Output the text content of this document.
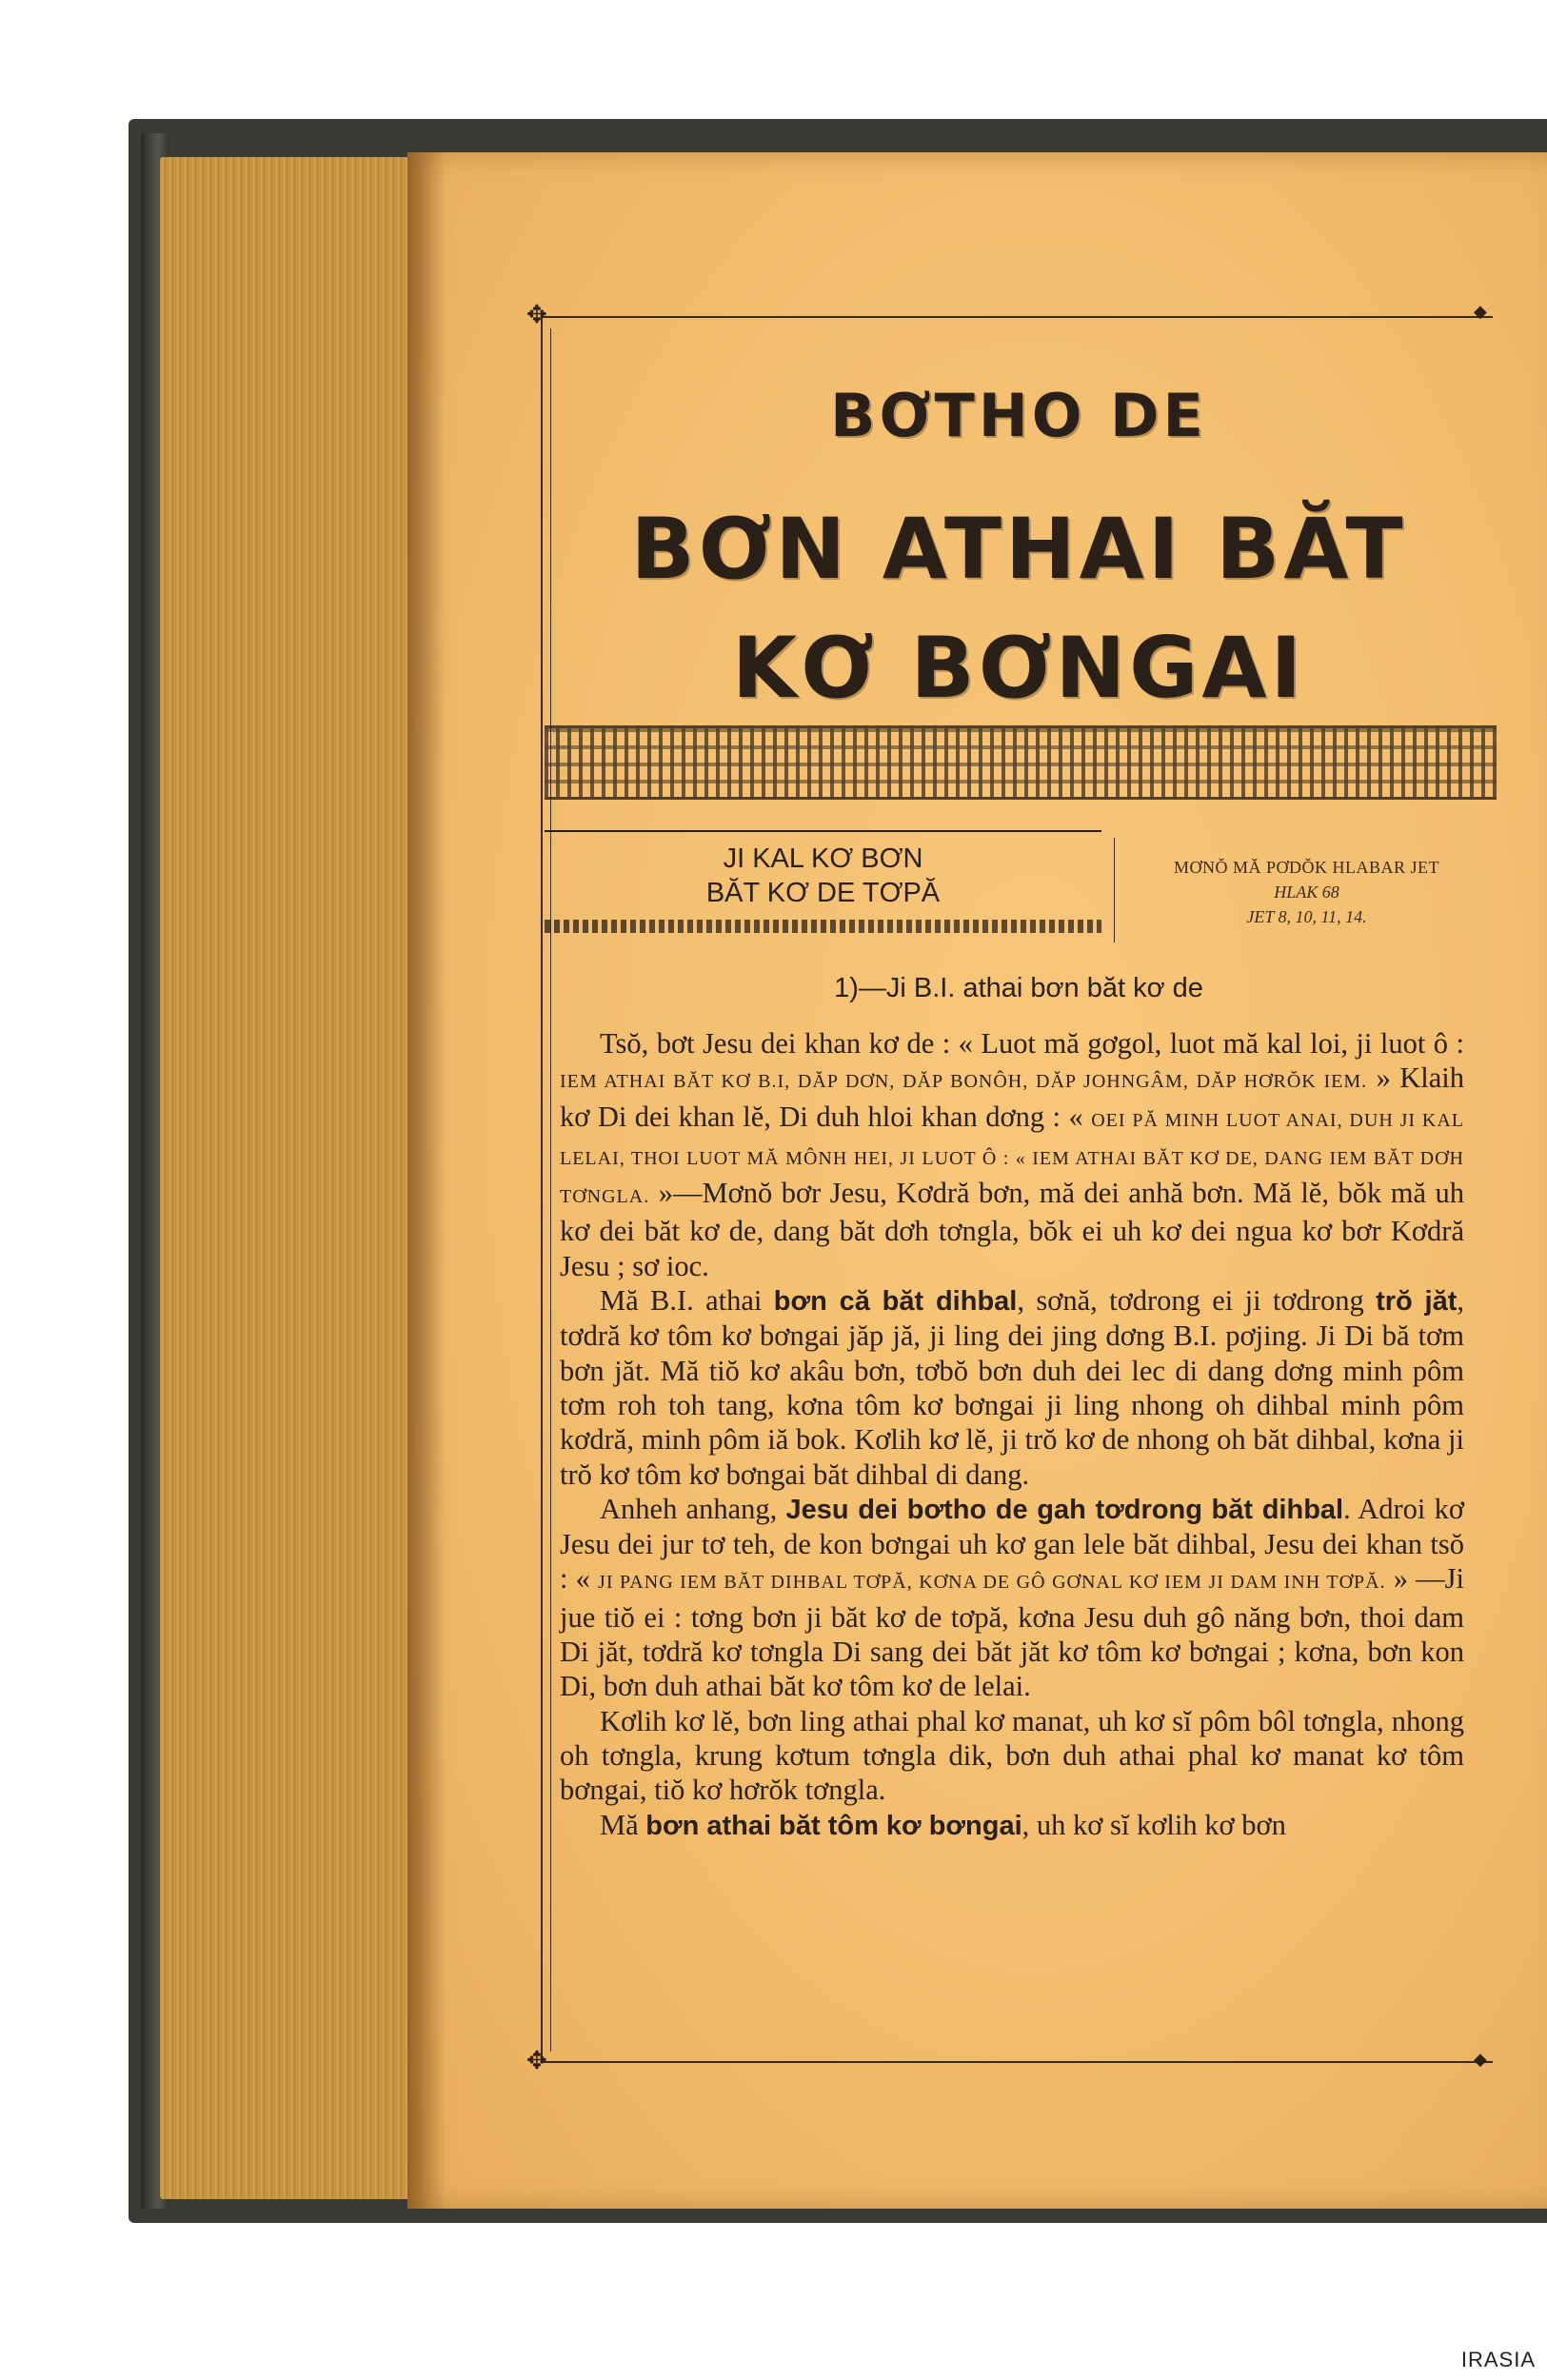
✥
✥
◆
◆
BƠTHO DE
BƠN ATHAI BĂT
KƠ BƠNGAI
JI KAL KƠ BƠN
BĂT KƠ DE TƠPĂ
MƠNŎ MĂ PƠDŎK HLABAR JET
HLAK 68
JET 8, 10, 11, 14.
1)—Ji B.I. athai bơn băt kơ de

Tsŏ, bơt Jesu dei khan kơ de : « Luot mă gơgol, luot mă kal loi, ji luot ô : IEM ATHAI BĂT KƠ B.I, DĂP DƠN, DĂP BONÔH, DĂP JOHNGÂM, DĂP HƠRŎK IEM. » Klaih kơ Di dei khan lĕ, Di duh hloi khan dơng : « OEI PĂ MINH LUOT ANAI, DUH JI KAL LELAI, THOI LUOT MĂ MÔNH HEI, JI LUOT Ô : « IEM ATHAI BĂT KƠ DE, DANG IEM BĂT DƠH TƠNGLA. »—Mơnŏ bơr Jesu, Kơdră bơn, mă dei anhă bơn. Mă lĕ, bŏk mă uh kơ dei băt kơ de, dang băt dơh tơngla, bŏk ei uh kơ dei ngua kơ bơr Kơdră Jesu ; sơ ioc.

Mă B.I. athai bơn că băt dihbal, sơnă, tơdrong ei ji tơdrong trŏ jăt, tơdră kơ tôm kơ bơngai jăp jă, ji ling dei jing dơng B.I. pơjing. Ji Di bă tơm bơn jăt. Mă tiŏ kơ akâu bơn, tơbŏ bơn duh dei lec di dang dơng minh pôm tơm roh toh tang, kơna tôm kơ bơngai ji ling nhong oh dihbal minh pôm kơdră, minh pôm iă bok. Kơlih kơ lĕ, ji trŏ kơ de nhong oh băt dihbal, kơna ji trŏ kơ tôm kơ bơngai băt dihbal di dang.

Anheh anhang, Jesu dei bơtho de gah tơdrong băt dihbal. Adroi kơ Jesu dei jur tơ teh, de kon bơngai uh kơ gan lele băt dihbal, Jesu dei khan tsŏ : « JI PANG IEM BĂT DIHBAL TƠPĂ, KƠNA DE GÔ GƠNAL KƠ IEM JI DAM INH TƠPĂ. » —Ji jue tiŏ ei : tơng bơn ji băt kơ de tơpă, kơna Jesu duh gô năng bơn, thoi dam Di jăt, tơdră kơ tơngla Di sang dei băt jăt kơ tôm kơ bơngai ; kơna, bơn kon Di, bơn duh athai băt kơ tôm kơ de lelai.

Kơlih kơ lĕ, bơn ling athai phal kơ manat, uh kơ sĭ pôm bôl tơngla, nhong oh tơngla, krung kơtum tơngla dik, bơn duh athai phal kơ manat kơ tôm bơngai, tiŏ kơ hơrŏk tơngla.

Mă bơn athai băt tôm kơ bơngai, uh kơ sĭ kơlih kơ bơn

IRASIA
